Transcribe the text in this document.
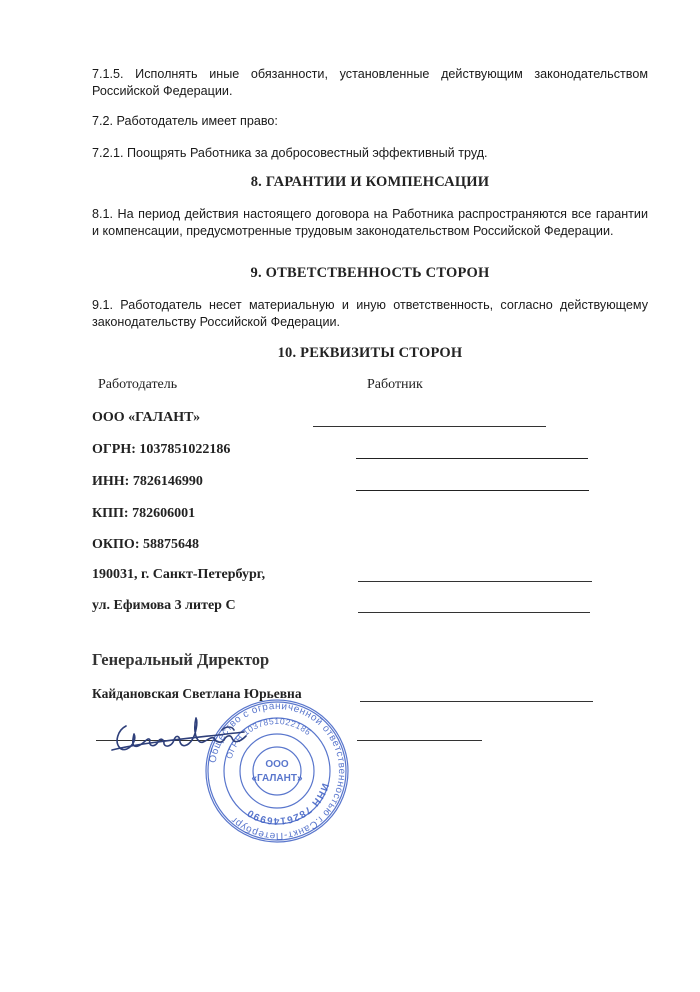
7.1.5. Исполнять иные обязанности, установленные действующим законодательством Российской Федерации.
7.2. Работодатель имеет право:
7.2.1. Поощрять Работника за добросовестный эффективный труд.
8. ГАРАНТИИ И КОМПЕНСАЦИИ
8.1. На период действия настоящего договора на Работника распространяются все гарантии и компенсации, предусмотренные трудовым законодательством Российской Федерации.
9. ОТВЕТСТВЕННОСТЬ СТОРОН
9.1. Работодатель несет материальную и иную ответственность, согласно действующему законодательству Российской Федерации.
10. РЕКВИЗИТЫ СТОРОН
Работодатель	Работник
ООО «ГАЛАНТ»
ОГРН: 1037851022186
ИНН: 7826146990
КПП: 782606001
ОКПО: 58875648
190031, г. Санкт-Петербург,
ул. Ефимова 3 литер С
Генеральный Директор
Кайдановская Светлана Юрьевна
Общество с ограниченной ответственностью г.Санкт-Петербург
ОГРН 1037851022186
ИНН 7826146990
ООО
«ГАЛАНТ»
